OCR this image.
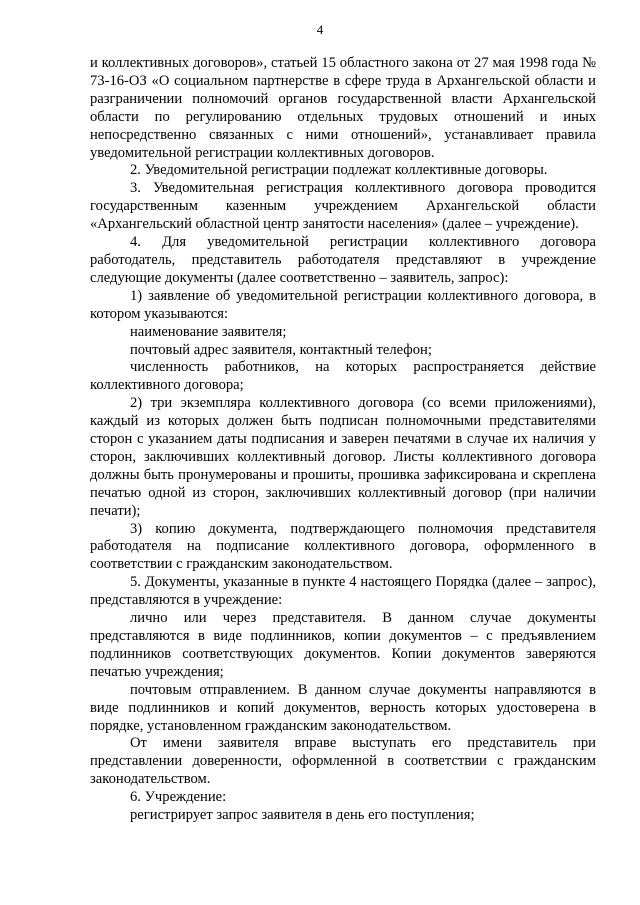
4

и коллективных договоров», статьей 15 областного закона от 27 мая 1998 года № 73-16-ОЗ «О социальном партнерстве в сфере труда в Архангельской области и разграничении полномочий органов государственной власти Архангельской области по регулированию отдельных трудовых отношений и иных непосредственно связанных с ними отношений», устанавливает правила уведомительной регистрации коллективных договоров.

2. Уведомительной регистрации подлежат коллективные договоры.

3. Уведомительная регистрация коллективного договора проводится государственным казенным учреждением Архангельской области «Архангельский областной центр занятости населения» (далее – учреждение).

4. Для уведомительной регистрации коллективного договора работодатель, представитель работодателя представляют в учреждение следующие документы (далее соответственно – заявитель, запрос):

1) заявление об уведомительной регистрации коллективного договора, в котором указываются:

наименование заявителя;

почтовый адрес заявителя, контактный телефон;

численность работников, на которых распространяется действие коллективного договора;

2) три экземпляра коллективного договора (со всеми приложениями), каждый из которых должен быть подписан полномочными представителями сторон с указанием даты подписания и заверен печатями в случае их наличия у сторон, заключивших коллективный договор. Листы коллективного договора должны быть пронумерованы и прошиты, прошивка зафиксирована и скреплена печатью одной из сторон, заключивших коллективный договор (при наличии печати);

3) копию документа, подтверждающего полномочия представителя работодателя на подписание коллективного договора, оформленного в соответствии с гражданским законодательством.

5. Документы, указанные в пункте 4 настоящего Порядка (далее – запрос), представляются в учреждение:

лично или через представителя. В данном случае документы представляются в виде подлинников, копии документов – с предъявлением подлинников соответствующих документов. Копии документов заверяются печатью учреждения;

почтовым отправлением. В данном случае документы направляются в виде подлинников и копий документов, верность которых удостоверена в порядке, установленном гражданским законодательством.

От имени заявителя вправе выступать его представитель при представлении доверенности, оформленной в соответствии с гражданским законодательством.

6. Учреждение:

регистрирует запрос заявителя в день его поступления;
